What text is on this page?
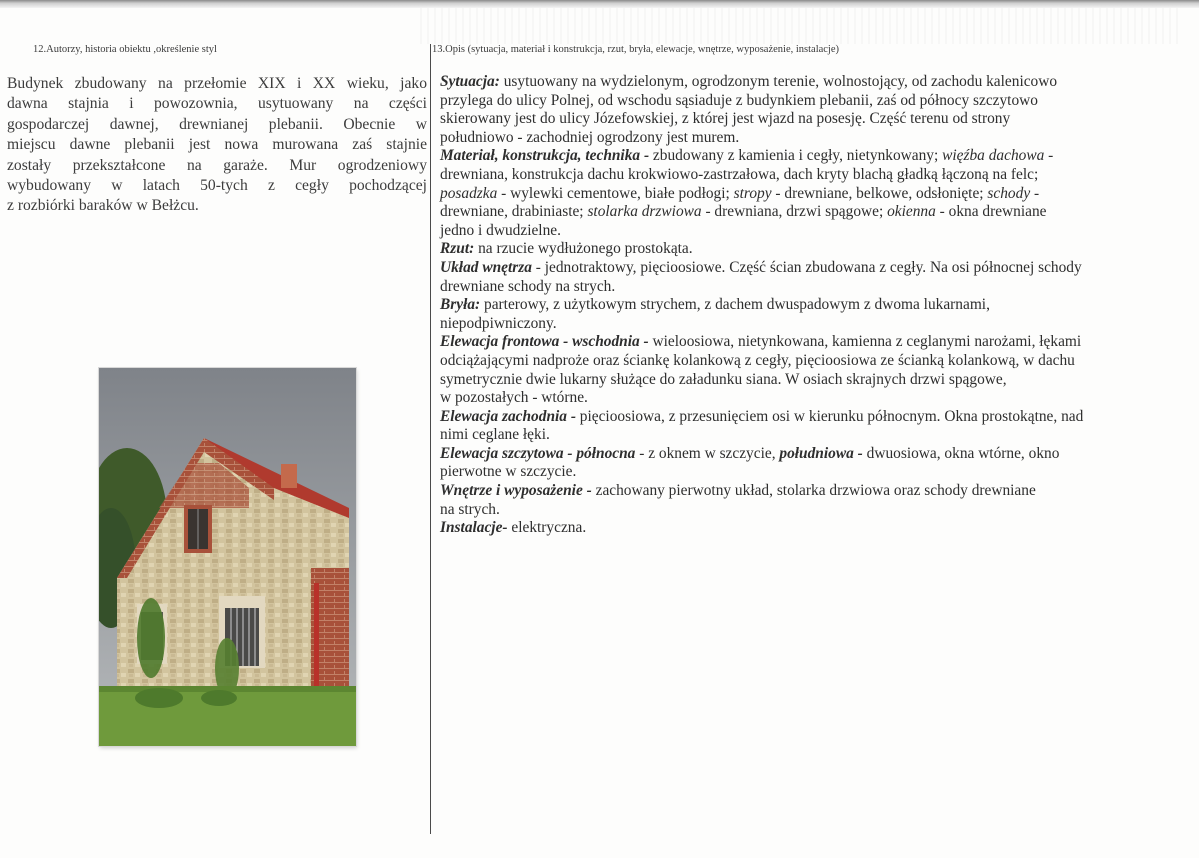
12.Autorzy, historia obiektu ,określenie styl
Budynek zbudowany na przełomie XIX i XX wieku, jako
dawna stajnia i powozownia, usytuowany na części
gospodarczej dawnej, drewnianej plebanii. Obecnie w
miejscu dawne plebanii jest nowa murowana zaś stajnie
zostały przekształcone na garaże. Mur ogrodzeniowy
wybudowany w latach 50-tych z cegły pochodzącej
z rozbiórki baraków w Bełżcu.
13.Opis (sytuacja, materiał i konstrukcja, rzut, bryła, elewacje, wnętrze, wyposażenie, instalacje)
Sytuacja: usytuowany na wydzielonym, ogrodzonym terenie, wolnostojący, od zachodu kalenicowo
przylega do ulicy Polnej, od wschodu sąsiaduje z budynkiem plebanii, zaś od północy szczytowo
skierowany jest do ulicy Józefowskiej, z której jest wjazd na posesję. Część terenu od strony
południowo - zachodniej ogrodzony jest murem.
Materiał, konstrukcja, technika - zbudowany z kamienia i cegły, nietynkowany; więźba dachowa -
drewniana, konstrukcja dachu krokwiowo-zastrzałowa, dach kryty blachą gładką łączoną na felc;
posadzka - wylewki cementowe, białe podłogi; stropy - drewniane, belkowe, odsłonięte; schody -
drewniane, drabiniaste; stolarka drzwiowa - drewniana, drzwi spągowe; okienna - okna drewniane
jedno i dwudzielne.
Rzut: na rzucie wydłużonego prostokąta.
Układ wnętrza - jednotraktowy, pięcioosiowe. Część ścian zbudowana z cegły. Na osi północnej schody
drewniane schody na strych.
Bryła: parterowy, z użytkowym strychem, z dachem dwuspadowym z dwoma lukarnami,
niepodpiwniczony.
Elewacja frontowa - wschodnia - wieloosiowa, nietynkowana, kamienna z ceglanymi narożami, łękami
odciążającymi nadproże oraz ściankę kolankową z cegły, pięcioosiowa ze ścianką kolankową, w dachu
symetrycznie dwie lukarny służące do załadunku siana. W osiach skrajnych drzwi spągowe,
w pozostałych - wtórne.
Elewacja zachodnia - pięcioosiowa, z przesunięciem osi w kierunku północnym. Okna prostokątne, nad
nimi ceglane łęki.
Elewacja szczytowa - północna - z oknem w szczycie, południowa - dwuosiowa, okna wtórne, okno
pierwotne w szczycie.
Wnętrze i wyposażenie - zachowany pierwotny układ, stolarka drzwiowa oraz schody drewniane
na strych.
Instalacje- elektryczna.
